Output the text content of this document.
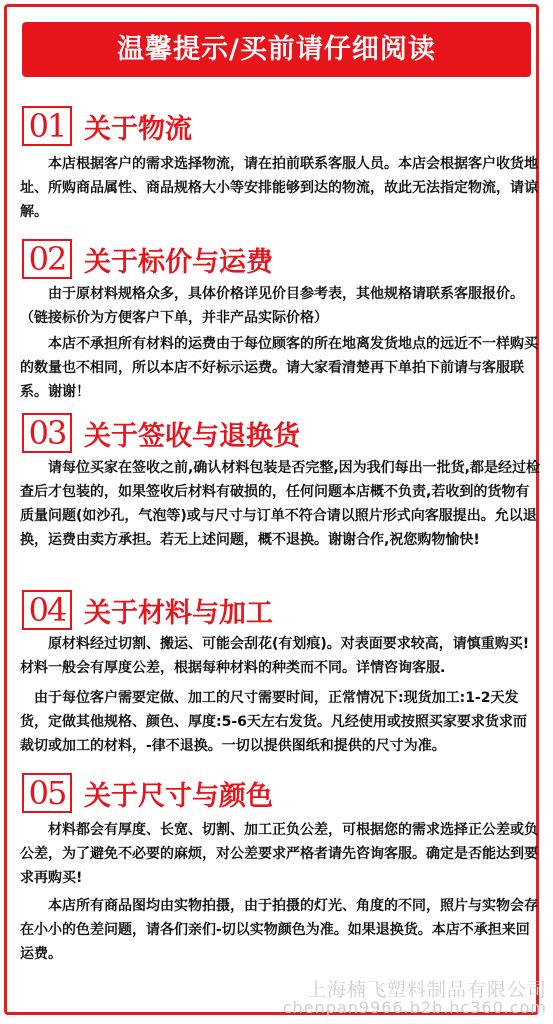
温馨提示/买前请仔细阅读
01 关于物流
本店根据客户的需求选择物流，请在拍前联系客服人员。本店会根据客户收货地址、所购商品属性、商品规格大小等安排能够到达的物流，故此无法指定物流，请谅解。
02 关于标价与运费
由于原材料规格众多，具体价格详见价目参考表，其他规格请联系客服报价。（链接标价为方便客户下单，并非产品实际价格）
本店不承担所有材料的运费由于每位顾客的所在地离发货地点的远近不一样购买的数量也不相同，所以本店不好标示运费。请大家看清楚再下单拍下前请与客服联系。谢谢！
03 关于签收与退换货
请每位买家在签收之前,确认材料包装是否完整,因为我们每出一批货,都是经过检查后才包装的，如果签收后材料有破损的，任何问题本店概不负责,若收到的货物有质量问题(如沙孔，气泡等)或与尺寸与订单不符合请以照片形式向客服提出。允以退换，运费由卖方承担。若无上述问题，概不退换。谢谢合作,祝您购物愉快!
04 关于材料与加工
原材料经过切割、搬运、可能会刮花(有划痕)。对表面要求较高，请慎重购买!材料一般会有厚度公差，根据每种材料的种类而不同。详情咨询客服.
由于每位客户需要定做、加工的尺寸需要时间，正常情况下:现货加工:1-2天发货，定做其他规格、颜色、厚度:5-6天左右发货。凡经使用或按照买家要求货求而裁切或加工的材料，-律不退换。一切以提供图纸和提供的尺寸为准。
05 关于尺寸与颜色
材料都会有厚度、长宽、切割、加工正负公差，可根据您的需求选择正公差或负公差，为了避免不必要的麻烦，对公差要求严格者请先咨询客服。确定是否能达到要求再购买!
本店所有商品图均由实物拍摄，由于拍摄的灯光、角度的不同，照片与实物会存在小小的色差问题，请各们亲们-切以实物颜色为准。如果退换货。本店不承担来回运费。
上海楠飞塑料制品有限公司
chenpan9966.b2b.hc360.com
